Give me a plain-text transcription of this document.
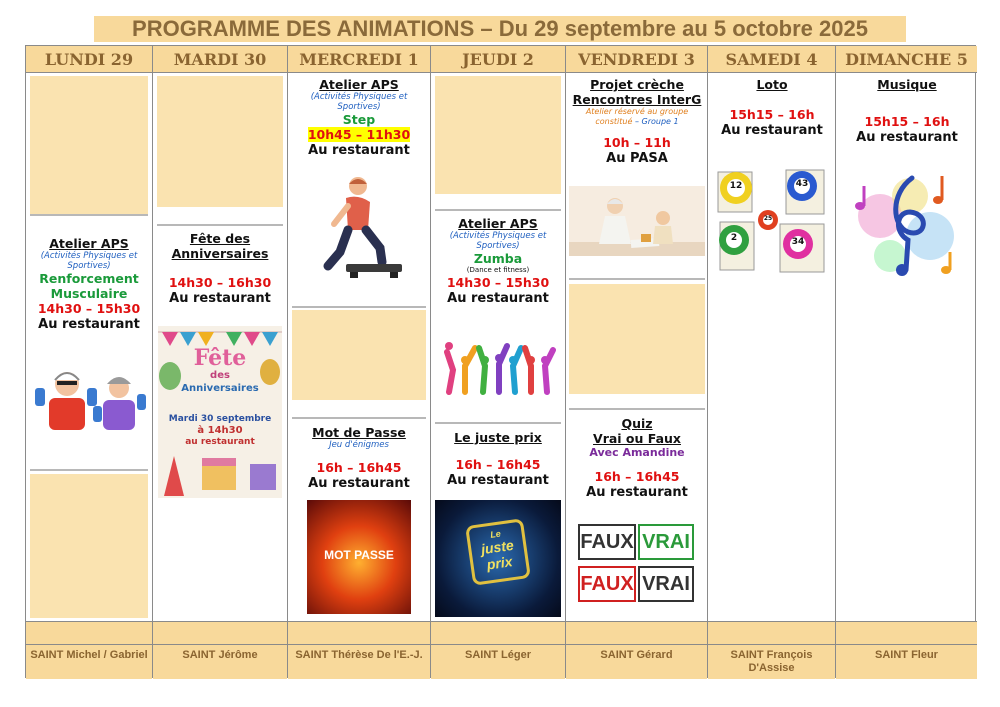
PROGRAMME DES ANIMATIONS – Du 29 septembre au 5 octobre 2025
LUNDI 29
Atelier APS
(Activités Physiques et Sportives)
Renforcement
Musculaire
14h30 – 15h30
Au restaurant
SAINT Michel / Gabriel
MARDI 30
Fête des
Anniversaires
14h30 – 16h30
Au restaurant
Fête
des
Anniversaires
Mardi 30 septembre
à 14h30
au restaurant
SAINT Jérôme
MERCREDI 1
Atelier APS
(Activités Physiques et Sportives)
Step
10h45 – 11h30
Au restaurant
Mot de Passe
Jeu d'énigmes
16h – 16h45
Au restaurant
MOT PASSE
SAINT Thérèse De l'E.-J.
JEUDI 2
Atelier APS
(Activités Physiques et Sportives)
Zumba
(Dance et fitness)
14h30 – 15h30
Au restaurant
Le juste prix
16h – 16h45
Au restaurant
Le
juste
prix
SAINT Léger
VENDREDI 3
Projet crèche
Rencontres InterG
Atelier réservé au groupe
constitué – Groupe 1
10h – 11h
Au PASA
Quiz
Vrai ou Faux
Avec Amandine
16h – 16h45
Au restaurant
FAUX VRAI
FAUX VRAI
SAINT Gérard
SAMEDI 4
Loto
15h15 – 16h
Au restaurant
12	43
2	34
25
SAINT François D'Assise
DIMANCHE 5
Musique
15h15 – 16h
Au restaurant
SAINT Fleur
